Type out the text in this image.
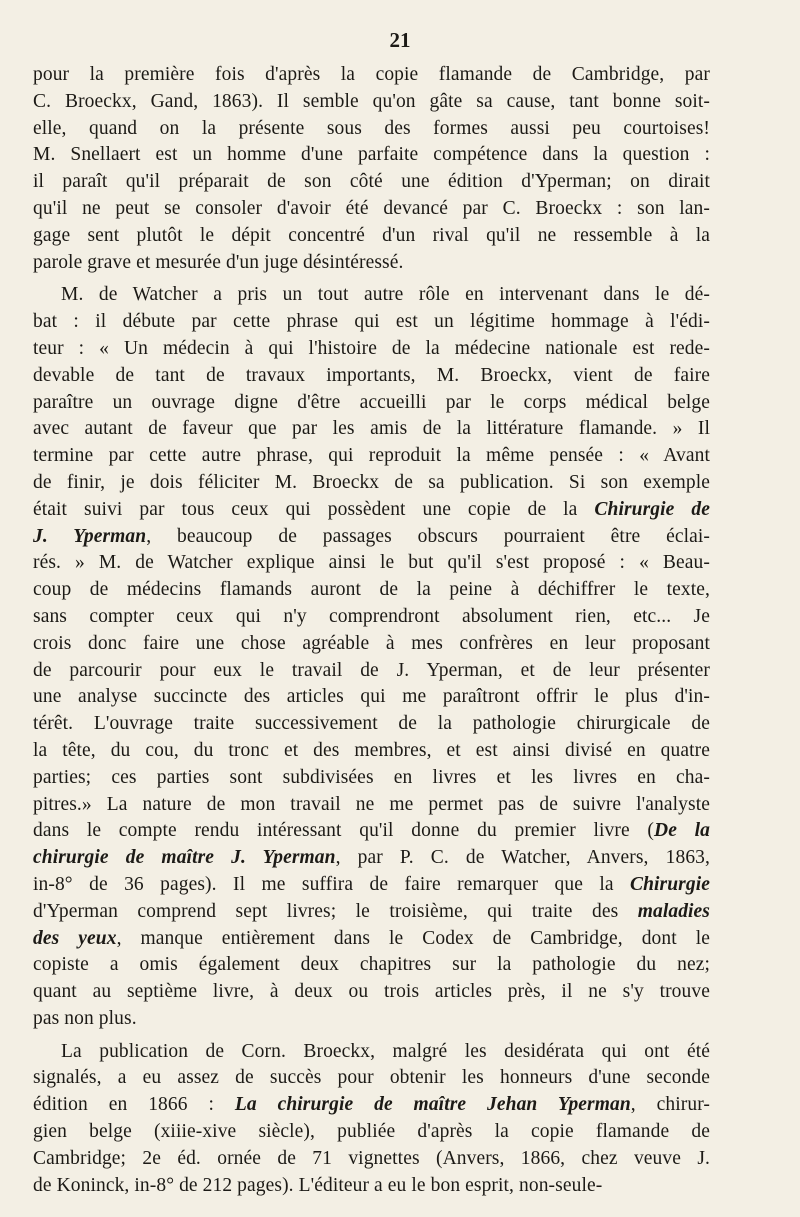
21
pour la première fois d'après la copie flamande de Cambridge, par
C. Broeckx, Gand, 1863). Il semble qu'on gâte sa cause, tant bonne soit-
elle, quand on la présente sous des formes aussi peu courtoises!
M. Snellaert est un homme d'une parfaite compétence dans la question :
il paraît qu'il préparait de son côté une édition d'Yperman; on dirait
qu'il ne peut se consoler d'avoir été devancé par C. Broeckx : son lan-
gage sent plutôt le dépit concentré d'un rival qu'il ne ressemble à la
parole grave et mesurée d'un juge désintéressé.
M. de Watcher a pris un tout autre rôle en intervenant dans le dé-
bat : il débute par cette phrase qui est un légitime hommage à l'édi-
teur : « Un médecin à qui l'histoire de la médecine nationale est rede-
devable de tant de travaux importants, M. Broeckx, vient de faire
paraître un ouvrage digne d'être accueilli par le corps médical belge
avec autant de faveur que par les amis de la littérature flamande. » Il
termine par cette autre phrase, qui reproduit la même pensée : « Avant
de finir, je dois féliciter M. Broeckx de sa publication. Si son exemple
était suivi par tous ceux qui possèdent une copie de la Chirurgie de
J. Yperman, beaucoup de passages obscurs pourraient être éclai-
rés. » M. de Watcher explique ainsi le but qu'il s'est proposé : « Beau-
coup de médecins flamands auront de la peine à déchiffrer le texte,
sans compter ceux qui n'y comprendront absolument rien, etc... Je
crois donc faire une chose agréable à mes confrères en leur proposant
de parcourir pour eux le travail de J. Yperman, et de leur présenter
une analyse succincte des articles qui me paraîtront offrir le plus d'in-
térêt. L'ouvrage traite successivement de la pathologie chirurgicale de
la tête, du cou, du tronc et des membres, et est ainsi divisé en quatre
parties; ces parties sont subdivisées en livres et les livres en cha-
pitres.» La nature de mon travail ne me permet pas de suivre l'analyste
dans le compte rendu intéressant qu'il donne du premier livre (De la
chirurgie de maître J. Yperman, par P. C. de Watcher, Anvers, 1863,
in-8° de 36 pages). Il me suffira de faire remarquer que la Chirurgie
d'Yperman comprend sept livres; le troisième, qui traite des maladies
des yeux, manque entièrement dans le Codex de Cambridge, dont le
copiste a omis également deux chapitres sur la pathologie du nez;
quant au septième livre, à deux ou trois articles près, il ne s'y trouve
pas non plus.
La publication de Corn. Broeckx, malgré les desidérata qui ont été
signalés, a eu assez de succès pour obtenir les honneurs d'une seconde
édition en 1866 : La chirurgie de maître Jehan Yperman, chirur-
gien belge (xiiie-xive siècle), publiée d'après la copie flamande de
Cambridge; 2e éd. ornée de 71 vignettes (Anvers, 1866, chez veuve J.
de Koninck, in-8° de 212 pages). L'éditeur a eu le bon esprit, non-seule-
